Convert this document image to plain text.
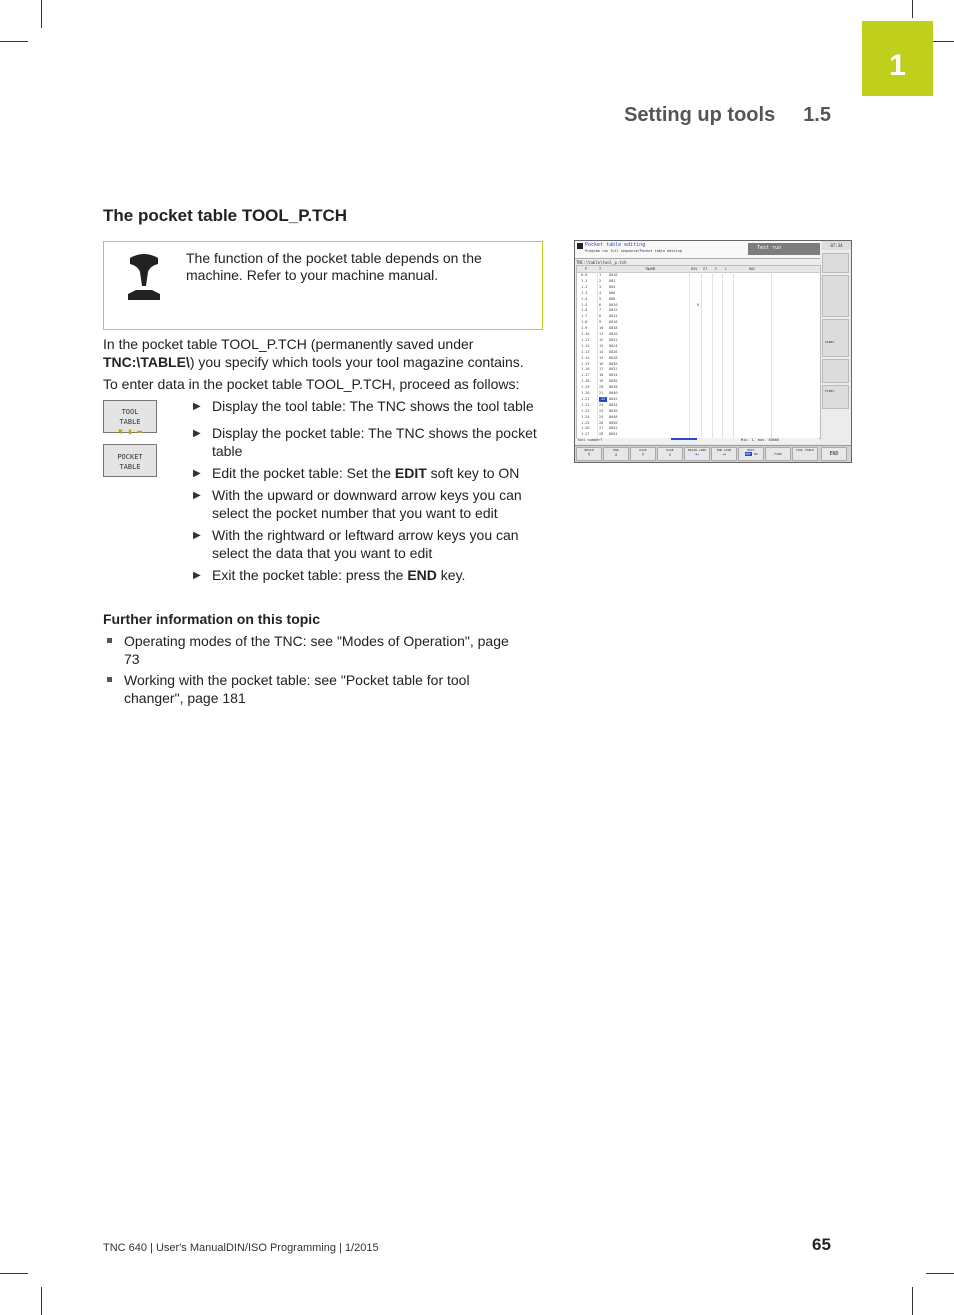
1
Setting up tools 1.5
The pocket table TOOL_P.TCH
The function of the pocket table depends on the machine. Refer to your machine manual.
In the pocket table TOOL_P.TCH (permanently saved under TNC:\TABLE\) you specify which tools your tool magazine contains.
To enter data in the pocket table TOOL_P.TCH, proceed as follows:
TOOL
TABLE
▼ ▮ ▬
POCKET
TABLE
▶ Display the tool table: The TNC shows the tool table
▶ Display the pocket table: The TNC shows the pocket table
▶ Edit the pocket table: Set the EDIT soft key to ON
▶ With the upward or downward arrow keys you can select the pocket number that you want to edit
▶ With the rightward or leftward arrow keys you can select the data that you want to edit
▶ Exit the pocket table: press the END key.
Further information on this topic
Operating modes of the TNC: see "Modes of Operation", page 73
Working with the pocket table: see "Pocket table for tool changer", page 181
Pocket table editing
Program run full sequence/Pocket table editing	Test run	07:34
TNC:\table\tool_p.tch
P	T	TNAME	RSV ST F L	DOC
0.0	1 D010
1.1	2 D02
1.2	3 D04
1.3	4 D06
1.4	5 D08
1.5	6 D010	R
1.6	7 D012
1.7	8 D014
1.8	9 D016
1.9	10 D018
1.10	11 D020
1.11	12 D022
1.12	13 D024
1.13	14 D026
1.14	15 D028
1.15	16 D030
1.16	17 D032
1.17	18 D034
1.18	19 D036
1.19	20 D038
1.20	21 D040
1.21	22	D042
1.22	23 D044
1.23	24 D046
1.24	25 D048
1.25	26 D050
1.26	27 D052
1.27	28 D054
Tool number?	Min. 1, max. 30000
S100%
F100%
BEGIN
↑
END
↓
PAGE
⇑
PAGE
⇓
BEGIN LINE
←
END LINE
→
EDIT
OFF ON	FIND
TOOL TABLE
END
TNC 640 | User's ManualDIN/ISO Programming | 1/2015	65
